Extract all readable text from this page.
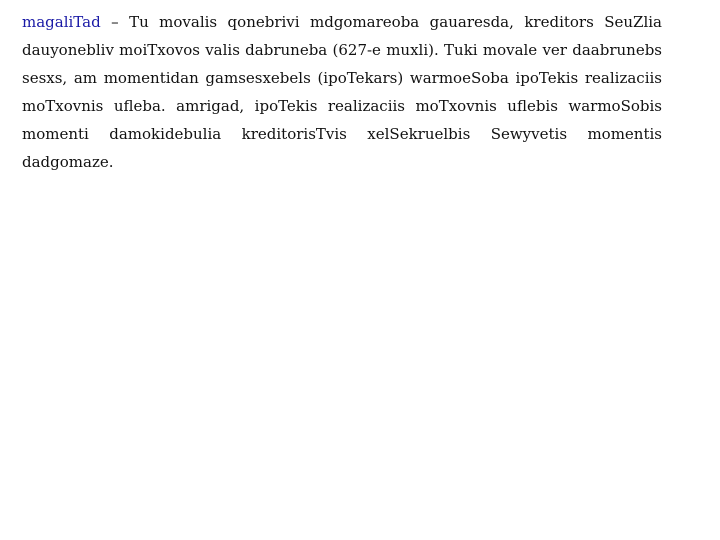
magaliTad – Tu movalis qonebrivi mdgomareoba gauaresda, kreditors SeuZlia dauyonebliv moiTxovos valis dabruneba (627-e muxli). Tuki movale ver daabrunebs sesxs, am momentidan gamsesxebels (ipoTekars) warmoeSoba ipoTekis realizaciis moTxovnis ufleba. amrigad, ipoTekis realizaciis moTxovnis uflebis warmoSobis momenti damokidebulia kreditorisTvis xelSekruelbis Sewyvetis momentis dadgomaze.
